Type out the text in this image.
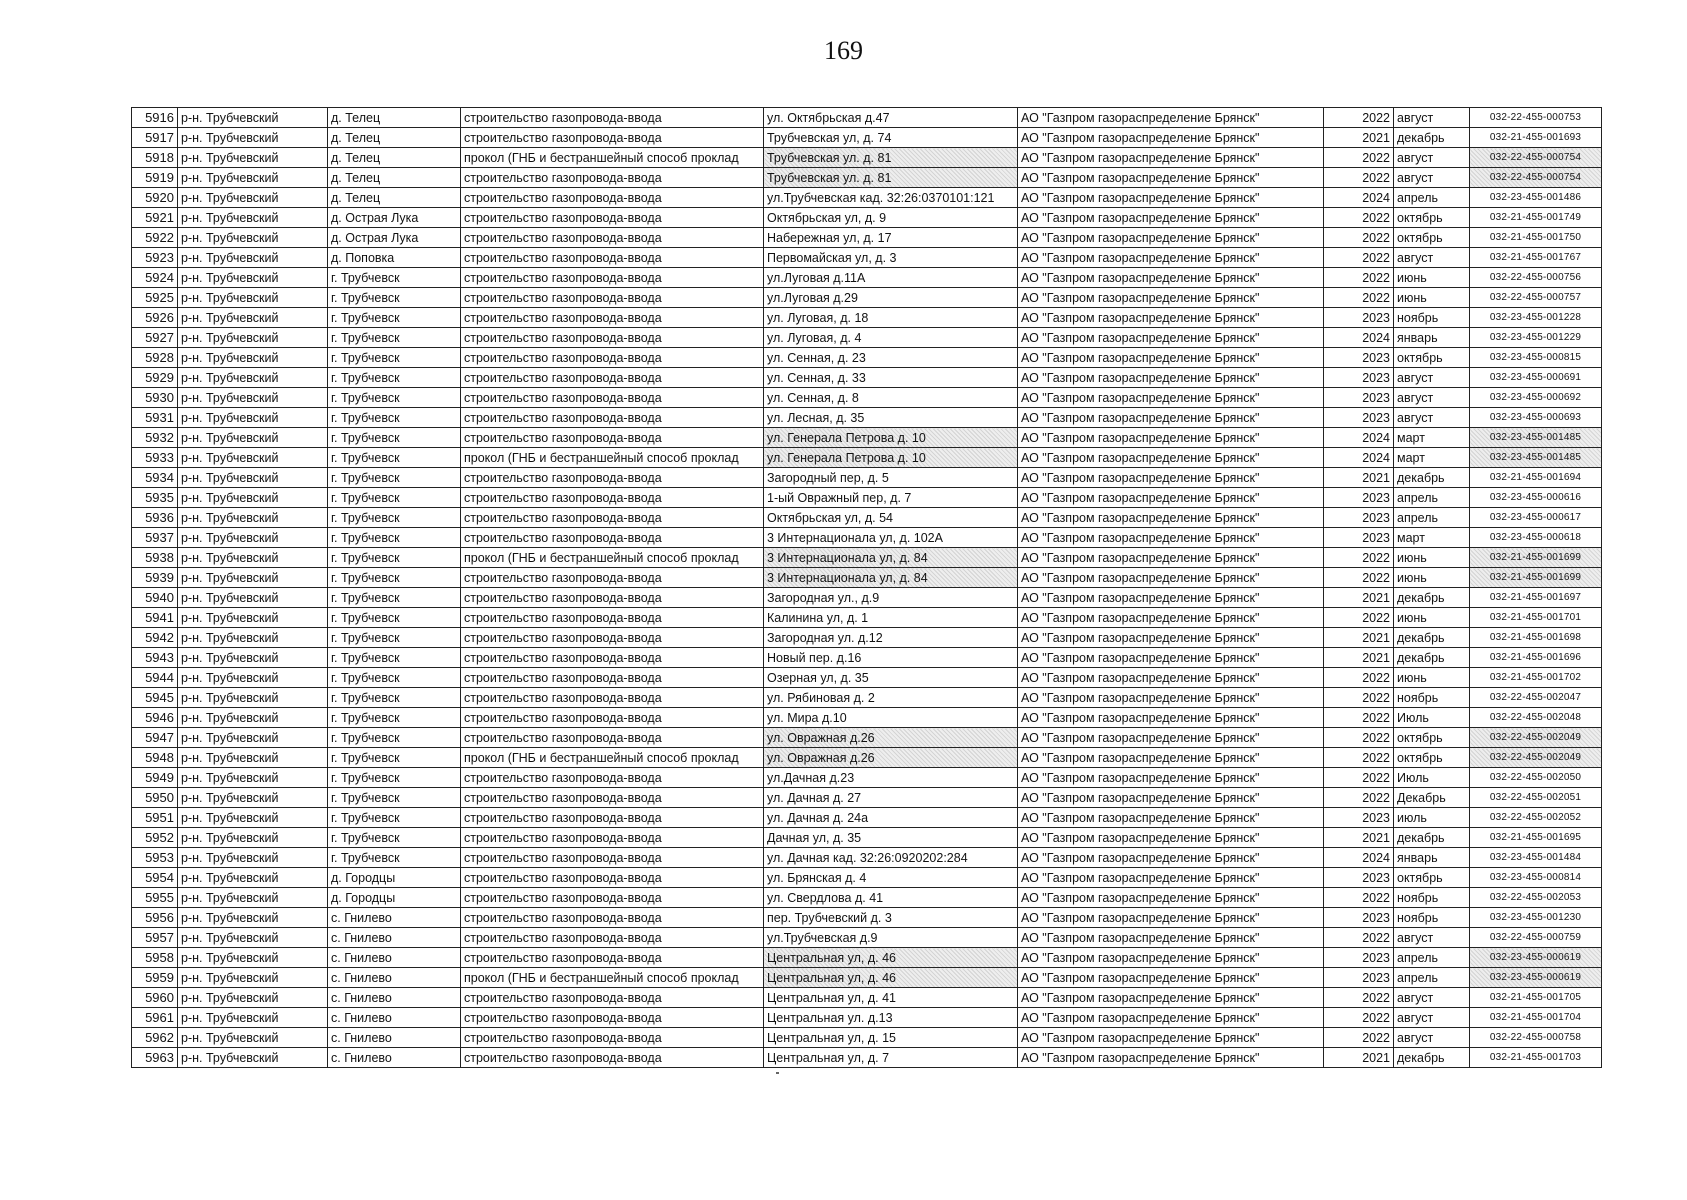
169
5916	р-н. Трубчевский	д. Телец	строительство газопровода-ввода	ул. Октябрьская д.47	АО "Газпром газораспределение Брянск"	2022	август	032-22-455-000753
5917	р-н. Трубчевский	д. Телец	строительство газопровода-ввода	Трубчевская ул, д. 74	АО "Газпром газораспределение Брянск"	2021	декабрь	032-21-455-001693
5918	р-н. Трубчевский	д. Телец	прокол (ГНБ и бестраншейный способ проклад	Трубчевская ул. д. 81	АО "Газпром газораспределение Брянск"	2022	август	032-22-455-000754
5919	р-н. Трубчевский	д. Телец	строительство газопровода-ввода	Трубчевская ул. д. 81	АО "Газпром газораспределение Брянск"	2022	август	032-22-455-000754
5920	р-н. Трубчевский	д. Телец	строительство газопровода-ввода	ул.Трубчевская кад. 32:26:0370101:121	АО "Газпром газораспределение Брянск"	2024	апрель	032-23-455-001486
5921	р-н. Трубчевский	д. Острая Лука	строительство газопровода-ввода	Октябрьская ул, д. 9	АО "Газпром газораспределение Брянск"	2022	октябрь	032-21-455-001749
5922	р-н. Трубчевский	д. Острая Лука	строительство газопровода-ввода	Набережная ул, д. 17	АО "Газпром газораспределение Брянск"	2022	октябрь	032-21-455-001750
5923	р-н. Трубчевский	д. Поповка	строительство газопровода-ввода	Первомайская ул, д. 3	АО "Газпром газораспределение Брянск"	2022	август	032-21-455-001767
5924	р-н. Трубчевский	г. Трубчевск	строительство газопровода-ввода	ул.Луговая д.11А	АО "Газпром газораспределение Брянск"	2022	июнь	032-22-455-000756
5925	р-н. Трубчевский	г. Трубчевск	строительство газопровода-ввода	ул.Луговая д.29	АО "Газпром газораспределение Брянск"	2022	июнь	032-22-455-000757
5926	р-н. Трубчевский	г. Трубчевск	строительство газопровода-ввода	ул. Луговая, д. 18	АО "Газпром газораспределение Брянск"	2023	ноябрь	032-23-455-001228
5927	р-н. Трубчевский	г. Трубчевск	строительство газопровода-ввода	ул. Луговая, д. 4	АО "Газпром газораспределение Брянск"	2024	январь	032-23-455-001229
5928	р-н. Трубчевский	г. Трубчевск	строительство газопровода-ввода	ул. Сенная, д. 23	АО "Газпром газораспределение Брянск"	2023	октябрь	032-23-455-000815
5929	р-н. Трубчевский	г. Трубчевск	строительство газопровода-ввода	ул. Сенная, д. 33	АО "Газпром газораспределение Брянск"	2023	август	032-23-455-000691
5930	р-н. Трубчевский	г. Трубчевск	строительство газопровода-ввода	ул. Сенная, д. 8	АО "Газпром газораспределение Брянск"	2023	август	032-23-455-000692
5931	р-н. Трубчевский	г. Трубчевск	строительство газопровода-ввода	ул. Лесная, д. 35	АО "Газпром газораспределение Брянск"	2023	август	032-23-455-000693
5932	р-н. Трубчевский	г. Трубчевск	строительство газопровода-ввода	ул. Генерала Петрова д. 10	АО "Газпром газораспределение Брянск"	2024	март	032-23-455-001485
5933	р-н. Трубчевский	г. Трубчевск	прокол (ГНБ и бестраншейный способ проклад	ул. Генерала Петрова д. 10	АО "Газпром газораспределение Брянск"	2024	март	032-23-455-001485
5934	р-н. Трубчевский	г. Трубчевск	строительство газопровода-ввода	Загородный пер, д. 5	АО "Газпром газораспределение Брянск"	2021	декабрь	032-21-455-001694
5935	р-н. Трубчевский	г. Трубчевск	строительство газопровода-ввода	1-ый Овражный пер, д. 7	АО "Газпром газораспределение Брянск"	2023	апрель	032-23-455-000616
5936	р-н. Трубчевский	г. Трубчевск	строительство газопровода-ввода	Октябрьская ул, д. 54	АО "Газпром газораспределение Брянск"	2023	апрель	032-23-455-000617
5937	р-н. Трубчевский	г. Трубчевск	строительство газопровода-ввода	3 Интернационала ул, д. 102А	АО "Газпром газораспределение Брянск"	2023	март	032-23-455-000618
5938	р-н. Трубчевский	г. Трубчевск	прокол (ГНБ и бестраншейный способ проклад	3 Интернационала ул, д. 84	АО "Газпром газораспределение Брянск"	2022	июнь	032-21-455-001699
5939	р-н. Трубчевский	г. Трубчевск	строительство газопровода-ввода	3 Интернационала ул, д. 84	АО "Газпром газораспределение Брянск"	2022	июнь	032-21-455-001699
5940	р-н. Трубчевский	г. Трубчевск	строительство газопровода-ввода	Загородная ул., д.9	АО "Газпром газораспределение Брянск"	2021	декабрь	032-21-455-001697
5941	р-н. Трубчевский	г. Трубчевск	строительство газопровода-ввода	Калинина ул, д. 1	АО "Газпром газораспределение Брянск"	2022	июнь	032-21-455-001701
5942	р-н. Трубчевский	г. Трубчевск	строительство газопровода-ввода	Загородная ул. д.12	АО "Газпром газораспределение Брянск"	2021	декабрь	032-21-455-001698
5943	р-н. Трубчевский	г. Трубчевск	строительство газопровода-ввода	Новый пер. д.16	АО "Газпром газораспределение Брянск"	2021	декабрь	032-21-455-001696
5944	р-н. Трубчевский	г. Трубчевск	строительство газопровода-ввода	Озерная ул, д. 35	АО "Газпром газораспределение Брянск"	2022	июнь	032-21-455-001702
5945	р-н. Трубчевский	г. Трубчевск	строительство газопровода-ввода	ул. Рябиновая д. 2	АО "Газпром газораспределение Брянск"	2022	ноябрь	032-22-455-002047
5946	р-н. Трубчевский	г. Трубчевск	строительство газопровода-ввода	ул. Мира д.10	АО "Газпром газораспределение Брянск"	2022	Июль	032-22-455-002048
5947	р-н. Трубчевский	г. Трубчевск	строительство газопровода-ввода	ул. Овражная д.26	АО "Газпром газораспределение Брянск"	2022	октябрь	032-22-455-002049
5948	р-н. Трубчевский	г. Трубчевск	прокол (ГНБ и бестраншейный способ проклад	ул. Овражная д.26	АО "Газпром газораспределение Брянск"	2022	октябрь	032-22-455-002049
5949	р-н. Трубчевский	г. Трубчевск	строительство газопровода-ввода	ул.Дачная д.23	АО "Газпром газораспределение Брянск"	2022	Июль	032-22-455-002050
5950	р-н. Трубчевский	г. Трубчевск	строительство газопровода-ввода	ул. Дачная д. 27	АО "Газпром газораспределение Брянск"	2022	Декабрь	032-22-455-002051
5951	р-н. Трубчевский	г. Трубчевск	строительство газопровода-ввода	ул. Дачная д. 24а	АО "Газпром газораспределение Брянск"	2023	июль	032-22-455-002052
5952	р-н. Трубчевский	г. Трубчевск	строительство газопровода-ввода	Дачная ул, д. 35	АО "Газпром газораспределение Брянск"	2021	декабрь	032-21-455-001695
5953	р-н. Трубчевский	г. Трубчевск	строительство газопровода-ввода	ул. Дачная кад. 32:26:0920202:284	АО "Газпром газораспределение Брянск"	2024	январь	032-23-455-001484
5954	р-н. Трубчевский	д. Городцы	строительство газопровода-ввода	ул. Брянская д. 4	АО "Газпром газораспределение Брянск"	2023	октябрь	032-23-455-000814
5955	р-н. Трубчевский	д. Городцы	строительство газопровода-ввода	ул. Свердлова д. 41	АО "Газпром газораспределение Брянск"	2022	ноябрь	032-22-455-002053
5956	р-н. Трубчевский	с. Гнилево	строительство газопровода-ввода	пер. Трубчевский д. 3	АО "Газпром газораспределение Брянск"	2023	ноябрь	032-23-455-001230
5957	р-н. Трубчевский	с. Гнилево	строительство газопровода-ввода	ул.Трубчевская д.9	АО "Газпром газораспределение Брянск"	2022	август	032-22-455-000759
5958	р-н. Трубчевский	с. Гнилево	строительство газопровода-ввода	Центральная ул, д. 46	АО "Газпром газораспределение Брянск"	2023	апрель	032-23-455-000619
5959	р-н. Трубчевский	с. Гнилево	прокол (ГНБ и бестраншейный способ проклад	Центральная ул, д. 46	АО "Газпром газораспределение Брянск"	2023	апрель	032-23-455-000619
5960	р-н. Трубчевский	с. Гнилево	строительство газопровода-ввода	Центральная ул, д. 41	АО "Газпром газораспределение Брянск"	2022	август	032-21-455-001705
5961	р-н. Трубчевский	с. Гнилево	строительство газопровода-ввода	Центральная ул. д.13	АО "Газпром газораспределение Брянск"	2022	август	032-21-455-001704
5962	р-н. Трубчевский	с. Гнилево	строительство газопровода-ввода	Центральная ул, д. 15	АО "Газпром газораспределение Брянск"	2022	август	032-22-455-000758
5963	р-н. Трубчевский	с. Гнилево	строительство газопровода-ввода	Центральная ул, д. 7	АО "Газпром газораспределение Брянск"	2021	декабрь	032-21-455-001703
